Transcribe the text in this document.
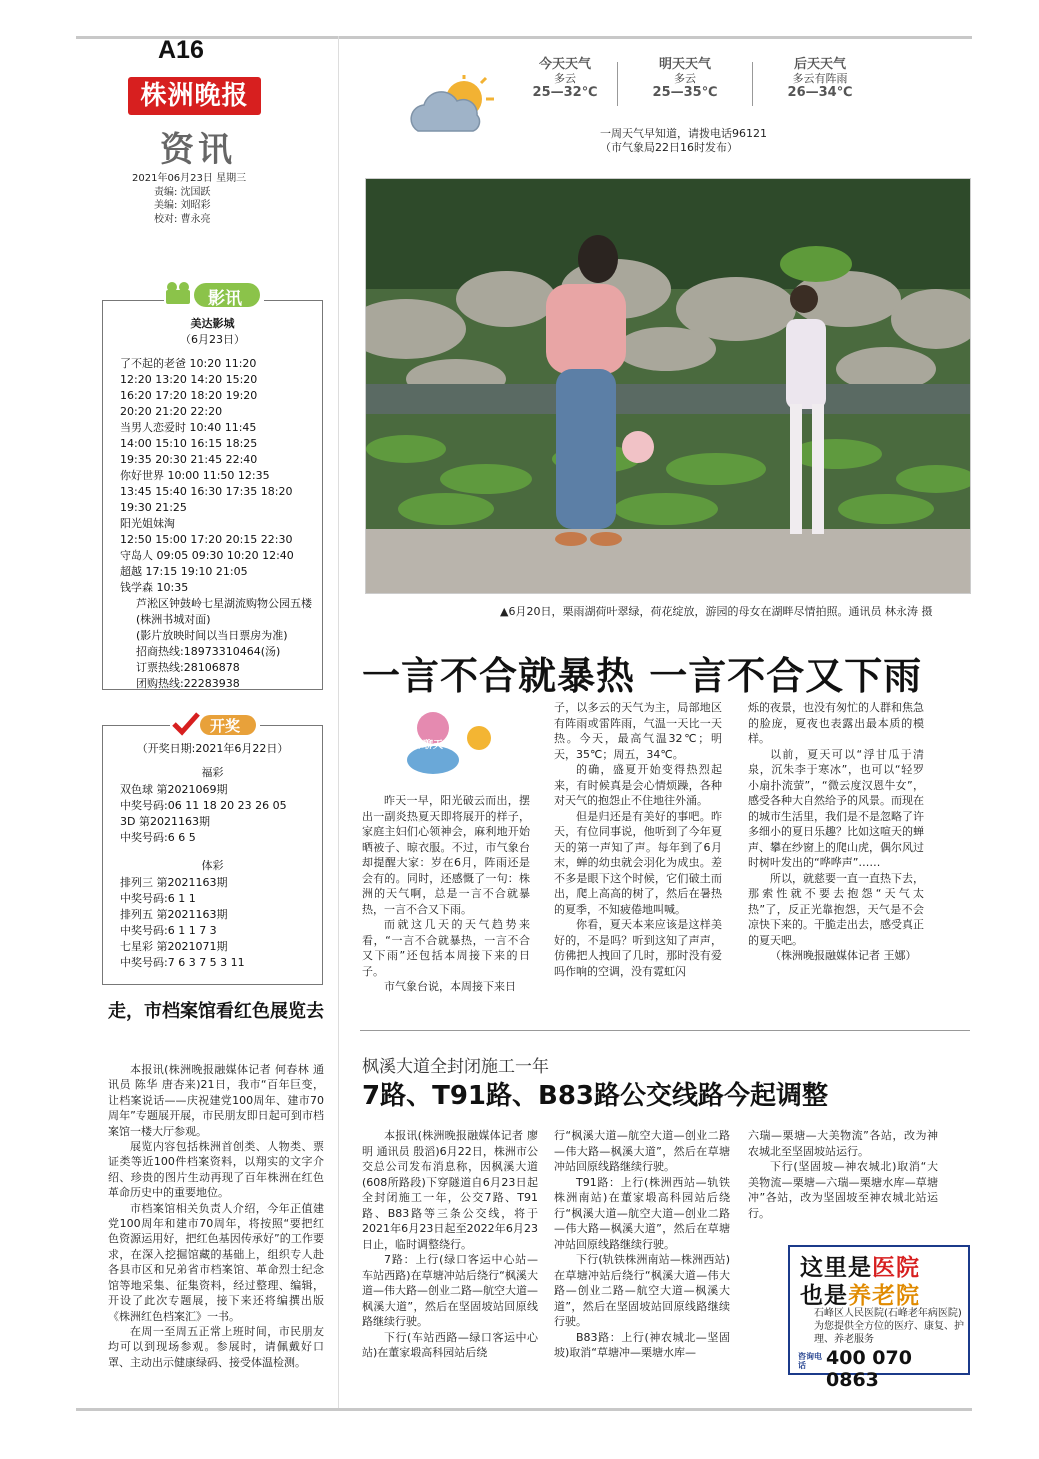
A16
株洲晚报
资讯
2021年06月23日 星期三
责编: 沈国跃
美编: 刘昭彩
校对: 曹永亮
今天天气
多云
25—32℃
明天天气
多云
25—35℃
后天天气
多云有阵雨
26—34℃
一周天气早知道，请拨电话96121
（市气象局22日16时发布）
▲6月20日，栗雨湖荷叶翠绿，荷花绽放，游园的母女在湖畔尽情拍照。通讯员 林永涛 摄
一言不合就暴热 一言不合又下雨
侏聊天

昨天一早，阳光破云而出，摆出一副炎热夏天即将展开的样子，家庭主妇们心领神会，麻利地开始晒被子、晾衣服。不过，市气象台却提醒大家：岁在6月，阵雨还是会有的。同时，还感慨了一句：株洲的天气啊，总是一言不合就暴热，一言不合又下雨。

而就这几天的天气趋势来看，“一言不合就暴热，一言不合又下雨”还包括本周接下来的日子。

市气象台说，本周接下来日

子，以多云的天气为主，局部地区有阵雨或雷阵雨，气温一天比一天热。今天，最高气温32℃；明天，35℃；周五，34℃。

的确，盛夏开始变得热烈起来，有时候真是会心情烦躁，各种对天气的抱怨止不住地往外涌。

但是归还是有美好的事吧。昨天，有位同事说，他听到了今年夏天的第一声知了声。每年到了6月末，蝉的幼虫就会羽化为成虫。差不多是眼下这个时候，它们破土而出，爬上高高的树了，然后在暑热的夏季，不知疲倦地叫喊。

你看，夏天本来应该是这样美好的，不是吗？听到这知了声声，仿佛把人拽回了几时，那时没有爱吗作响的空调，没有霓虹闪

烁的夜景，也没有匆忙的人群和焦急的脸庞，夏夜也表露出最本质的模样。

以前，夏天可以“浮甘瓜于清泉，沉朱李于寒冰”，也可以“轻罗小扇扑流萤”，“微云度汉恩牛女”，感受各种大自然给予的风景。而现在的城市生活里，我们是不是忽略了许多细小的夏日乐趣？比如这喧天的蝉声、攀在纱窗上的爬山虎，偶尔风过时树叶发出的“哗哗声”……

所以，就慈要一直一直热下去，那索性就不要去抱怨“天气太热”了，反正光靠抱怨，天气是不会凉快下来的。干脆走出去，感受真正的夏天吧。

（株洲晚报融媒体记者 王娜）

影讯
美达影城
（6月23日）
了不起的老爸 10:20 11:20
12:20 13:20 14:20 15:20
16:20 17:20 18:20 19:20
20:20 21:20 22:20
当男人恋爱时 10:40 11:45
14:00 15:10 16:15 18:25
19:35 20:30 21:45 22:40
你好世界 10:00 11:50 12:35
13:45 15:40 16:30 17:35 18:20
19:30 21:25
阳光姐妹淘
12:50 15:00 17:20 20:15 22:30
守岛人 09:05 09:30 10:20 12:40
超越 17:15 19:10 21:05
钱学森 10:35
芦淞区钟鼓岭七星湖流购物公园五楼(株洲书城对面)
(影片放映时间以当日票房为准)
招商热线:18973310464(汤)
订票热线:28106878
团购热线:22283938
开奖
（开奖日期:2021年6月22日）
福彩
双色球 第2021069期
中奖号码:06 11 18 20 23 26 05
3D 第2021163期
中奖号码:6 6 5
体彩
排列三 第2021163期
中奖号码:6 1 1
排列五 第2021163期
中奖号码:6 1 1 7 3
七星彩 第2021071期
中奖号码:7 6 3 7 5 3 11
走，市档案馆看红色展览去

本报讯(株洲晚报融媒体记者 何春林 通讯员 陈华 唐杏来)21日，我市“百年巨变，让档案说话——庆祝建党100周年、建市70周年”专题展开展，市民朋友即日起可到市档案馆一楼大厅参观。

展览内容包括株洲首创类、人物类、票证类等近100件档案资料，以翔实的文字介绍、珍贵的图片生动再现了百年株洲在红色革命历史中的重要地位。

市档案馆相关负责人介绍，今年正值建党100周年和建市70周年，将按照“要把红色资源运用好，把红色基因传承好”的工作要求，在深入挖掘馆藏的基础上，组织专人赴各县市区和兄弟省市档案馆、革命烈士纪念馆等地采集、征集资料，经过整理、编辑，开设了此次专题展，接下来还将编撰出版《株洲红色档案汇》一书。

在周一至周五正常上班时间，市民朋友均可以到现场参观。参展时，请佩戴好口罩、主动出示健康绿码、接受体温检测。

枫溪大道全封闭施工一年
7路、T91路、B83路公交线路今起调整

本报讯(株洲晚报融媒体记者 廖明 通讯员 殷滔)6月22日，株洲市公交总公司发布消息称，因枫溪大道(608所路段)下穿隧道自6月23日起全封闭施工一年，公交7路、T91路、B83路等三条公交线，将于2021年6月23日起至2022年6月23日止，临时调整绕行。

7路：上行(绿口客运中心站—车站西路)在草塘冲站后绕行“枫溪大道—伟大路—创业二路—航空大道—枫溪大道”，然后在坚固坡站回原线路继续行驶。

下行(车站西路—绿口客运中心站)在董家塅高科园站后绕

行“枫溪大道—航空大道—创业二路—伟大路—枫溪大道”，然后在草塘冲站回原线路继续行驶。

T91路：上行(株洲西站—轨铁株洲南站)在董家塅高科园站后绕行“枫溪大道—航空大道—创业二路—伟大路—枫溪大道”，然后在草塘冲站回原线路继续行驶。

下行(轨铁株洲南站—株洲西站)在草塘冲站后绕行“枫溪大道—伟大路—创业二路—航空大道—枫溪大道”，然后在坚固坡站回原线路继续行驶。

B83路：上行(神农城北—坚固坡)取消“草塘冲—栗塘水库—

六瑞—栗塘—大美物流”各站，改为神农城北至坚固坡站运行。

下行(坚固坡—神农城北)取消“大美物流—栗塘—六瑞—栗塘水库—草塘冲”各站，改为坚固坡至神农城北站运行。

这里是医院
也是养老院
石峰区人民医院(石峰老年病医院)为您提供全方位的医疗、康复、护理、养老服务
咨询电话	400 070 0863
